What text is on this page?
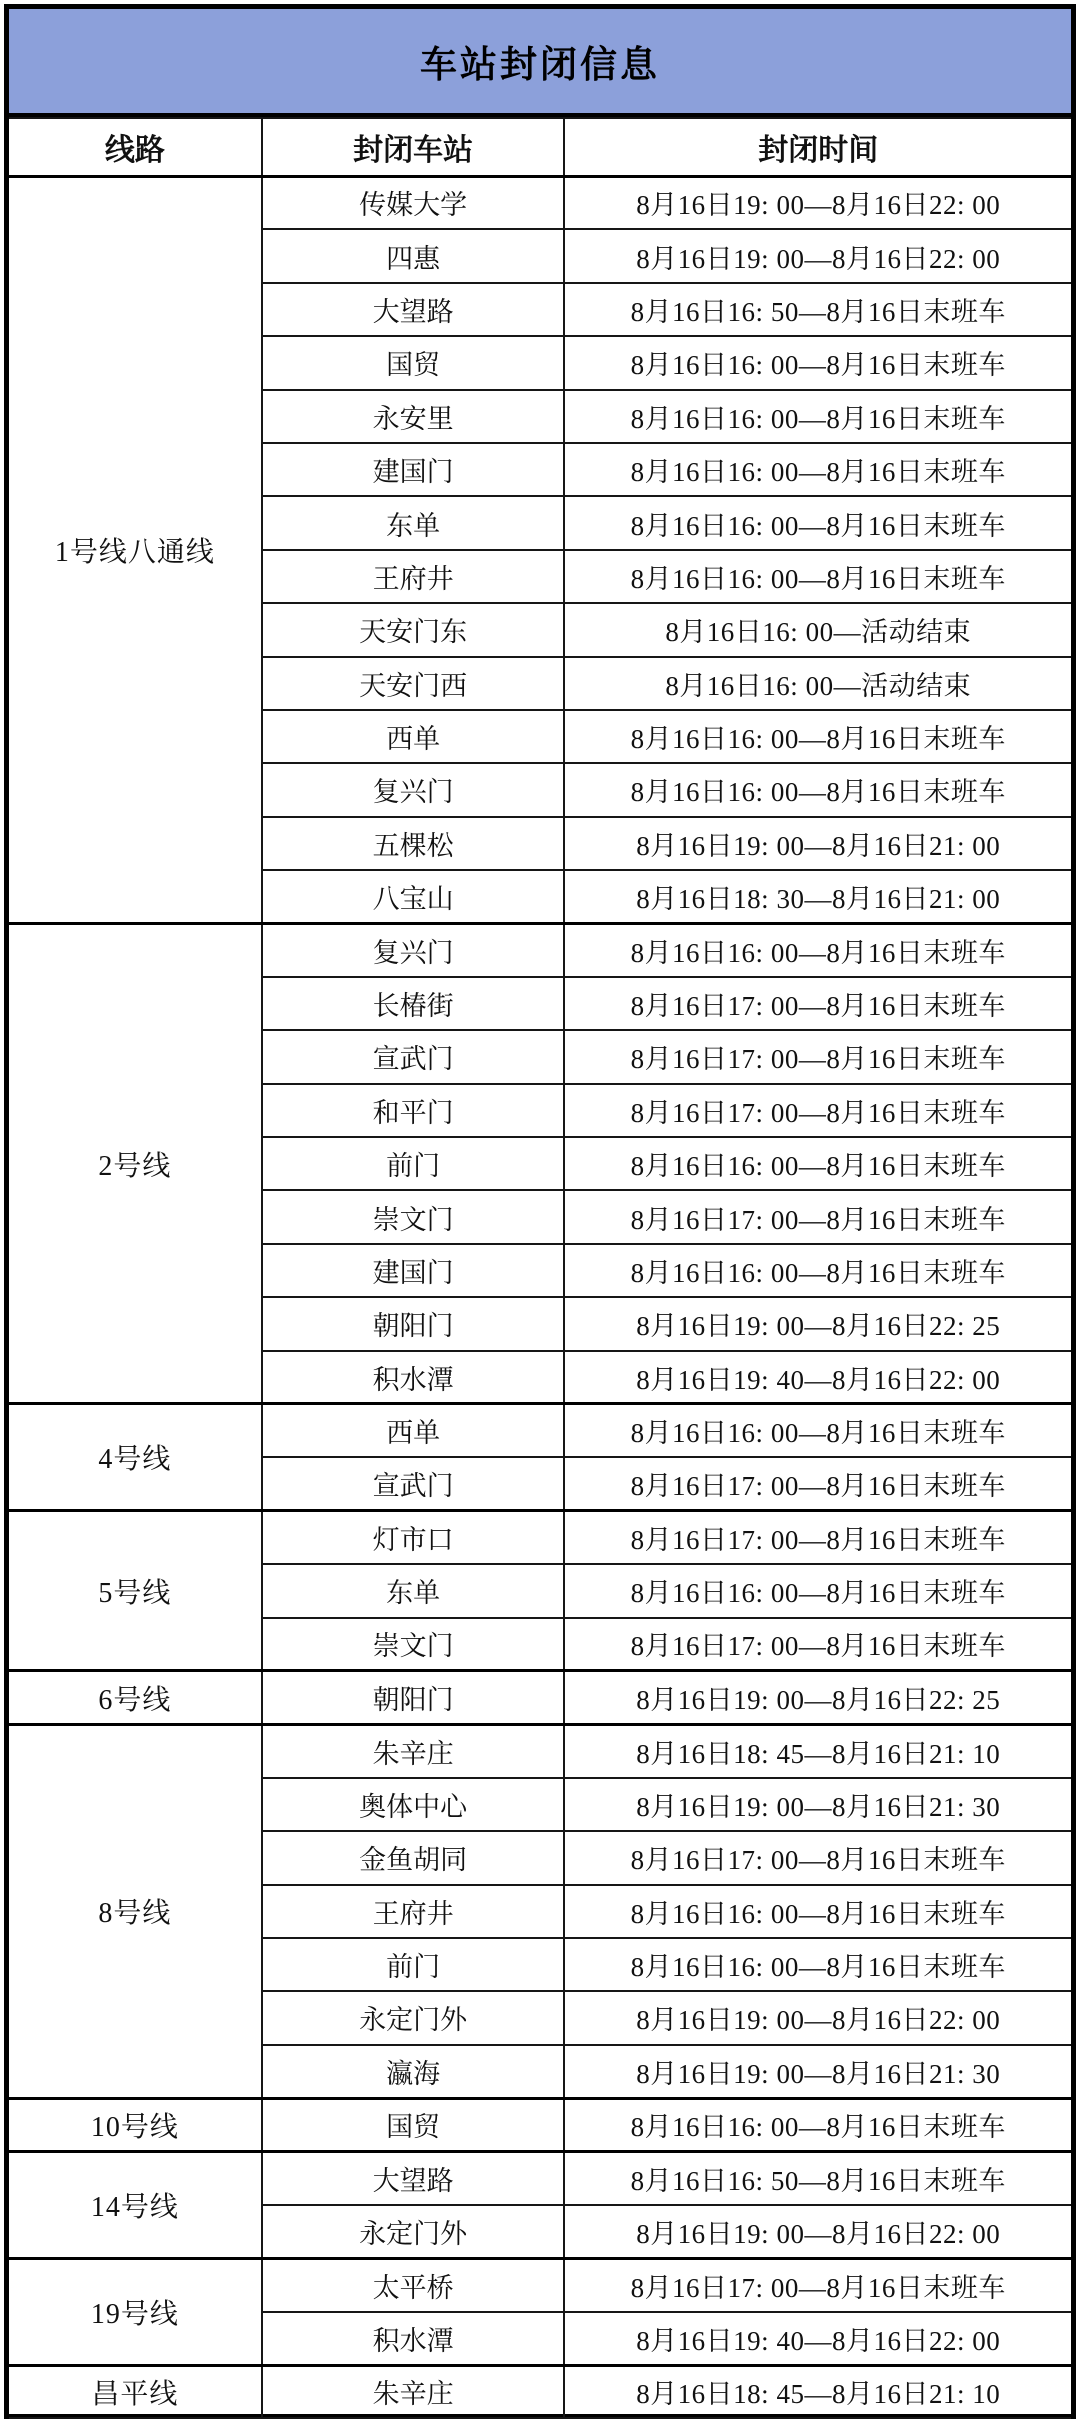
车站封闭信息
线路	封闭车站	封闭时间
1号线八通线	传媒大学	8月16日19: 00—8月16日22: 00
	四惠	8月16日19: 00—8月16日22: 00
	大望路	8月16日16: 50—8月16日末班车
	国贸	8月16日16: 00—8月16日末班车
	永安里	8月16日16: 00—8月16日末班车
	建国门	8月16日16: 00—8月16日末班车
	东单	8月16日16: 00—8月16日末班车
	王府井	8月16日16: 00—8月16日末班车
	天安门东	8月16日16: 00—活动结束
	天安门西	8月16日16: 00—活动结束
	西单	8月16日16: 00—8月16日末班车
	复兴门	8月16日16: 00—8月16日末班车
	五棵松	8月16日19: 00—8月16日21: 00
	八宝山	8月16日18: 30—8月16日21: 00
2号线	复兴门	8月16日16: 00—8月16日末班车
	长椿街	8月16日17: 00—8月16日末班车
	宣武门	8月16日17: 00—8月16日末班车
	和平门	8月16日17: 00—8月16日末班车
	前门	8月16日16: 00—8月16日末班车
	崇文门	8月16日17: 00—8月16日末班车
	建国门	8月16日16: 00—8月16日末班车
	朝阳门	8月16日19: 00—8月16日22: 25
	积水潭	8月16日19: 40—8月16日22: 00
4号线	西单	8月16日16: 00—8月16日末班车
	宣武门	8月16日17: 00—8月16日末班车
5号线	灯市口	8月16日17: 00—8月16日末班车
	东单	8月16日16: 00—8月16日末班车
	崇文门	8月16日17: 00—8月16日末班车
6号线	朝阳门	8月16日19: 00—8月16日22: 25
8号线	朱辛庄	8月16日18: 45—8月16日21: 10
	奥体中心	8月16日19: 00—8月16日21: 30
	金鱼胡同	8月16日17: 00—8月16日末班车
	王府井	8月16日16: 00—8月16日末班车
	前门	8月16日16: 00—8月16日末班车
	永定门外	8月16日19: 00—8月16日22: 00
	瀛海	8月16日19: 00—8月16日21: 30
10号线	国贸	8月16日16: 00—8月16日末班车
14号线	大望路	8月16日16: 50—8月16日末班车
	永定门外	8月16日19: 00—8月16日22: 00
19号线	太平桥	8月16日17: 00—8月16日末班车
	积水潭	8月16日19: 40—8月16日22: 00
昌平线	朱辛庄	8月16日18: 45—8月16日21: 10
